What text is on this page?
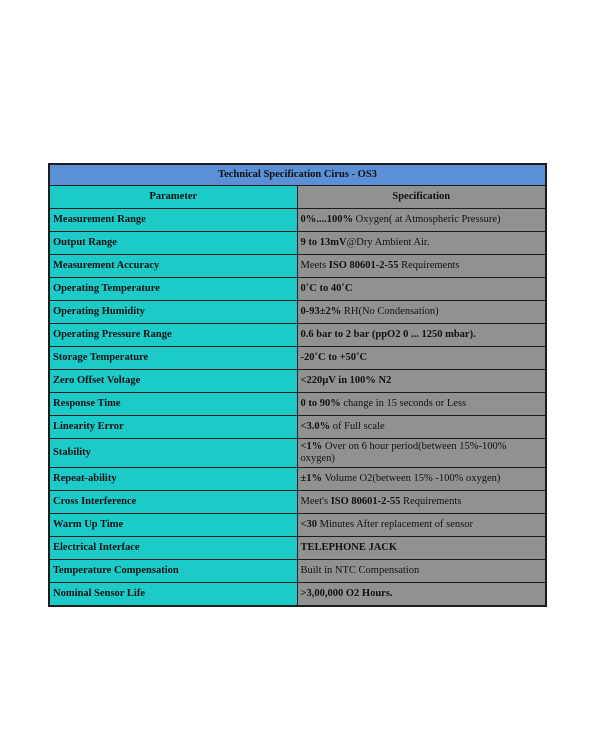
Technical Specification Cirus - OS3	
Parameter	Specification
Measurement Range	0%....100% Oxygen( at Atmospheric Pressure)
Output Range	9 to 13mV@Dry Ambient Air.
Measurement Accuracy	Meets ISO 80601-2-55 Requirements
Operating Temperature	0˚C to 40˚C
Operating Humidity	0-93±2% RH(No Condensation)
Operating Pressure Range	0.6 bar to 2 bar (ppO2 0 ... 1250 mbar).
Storage Temperature	-20˚C to +50˚C
Zero Offset Voltage	<220µV in 100% N2
Response Time	0 to 90% change in 15 seconds or Less
Linearity Error	<3.0% of Full scale
Stability	<1% Over on 6 hour period(between 15%-100% oxygen)
Repeat-ability	±1% Volume O2(between 15% -100% oxygen)
Cross Interference	Meet's ISO 80601-2-55 Requirements
Warm Up Time	<30 Minutes After replacement of sensor
Electrical Interface	TELEPHONE JACK
Temperature Compensation	Built in NTC Compensation
Nominal Sensor Life	>3,00,000 O2 Hours.
